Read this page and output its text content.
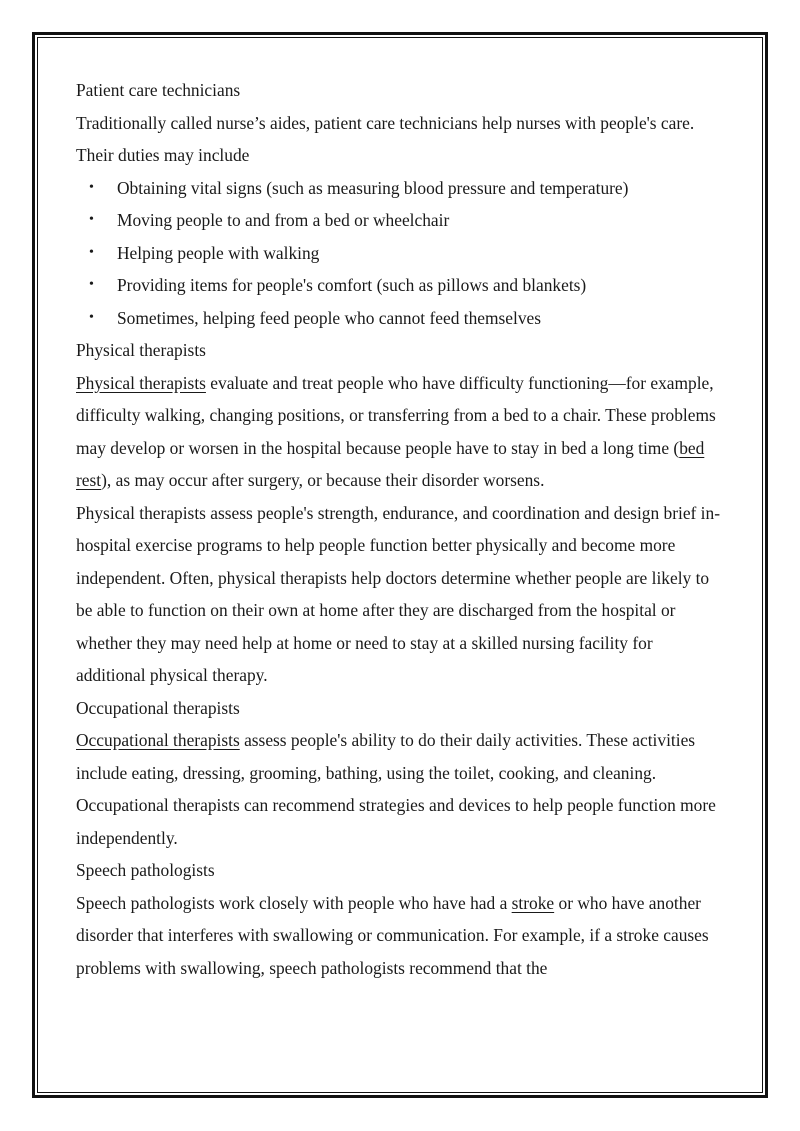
Patient care technicians

Traditionally called nurse’s aides, patient care technicians help nurses with people's care. Their duties may include

• Obtaining vital signs (such as measuring blood pressure and temperature)
• Moving people to and from a bed or wheelchair
• Helping people with walking
• Providing items for people's comfort (such as pillows and blankets)
• Sometimes, helping feed people who cannot feed themselves

Physical therapists

Physical therapists evaluate and treat people who have difficulty functioning—for example, difficulty walking, changing positions, or transferring from a bed to a chair. These problems may develop or worsen in the hospital because people have to stay in bed a long time (bed rest), as may occur after surgery, or because their disorder worsens.

Physical therapists assess people's strength, endurance, and coordination and design brief in-hospital exercise programs to help people function better physically and become more independent. Often, physical therapists help doctors determine whether people are likely to be able to function on their own at home after they are discharged from the hospital or whether they may need help at home or need to stay at a skilled nursing facility for additional physical therapy.

Occupational therapists

Occupational therapists assess people's ability to do their daily activities. These activities include eating, dressing, grooming, bathing, using the toilet, cooking, and cleaning.

Occupational therapists can recommend strategies and devices to help people function more independently.

Speech pathologists

Speech pathologists work closely with people who have had a stroke or who have another disorder that interferes with swallowing or communication. For example, if a stroke causes problems with swallowing, speech pathologists recommend that the
